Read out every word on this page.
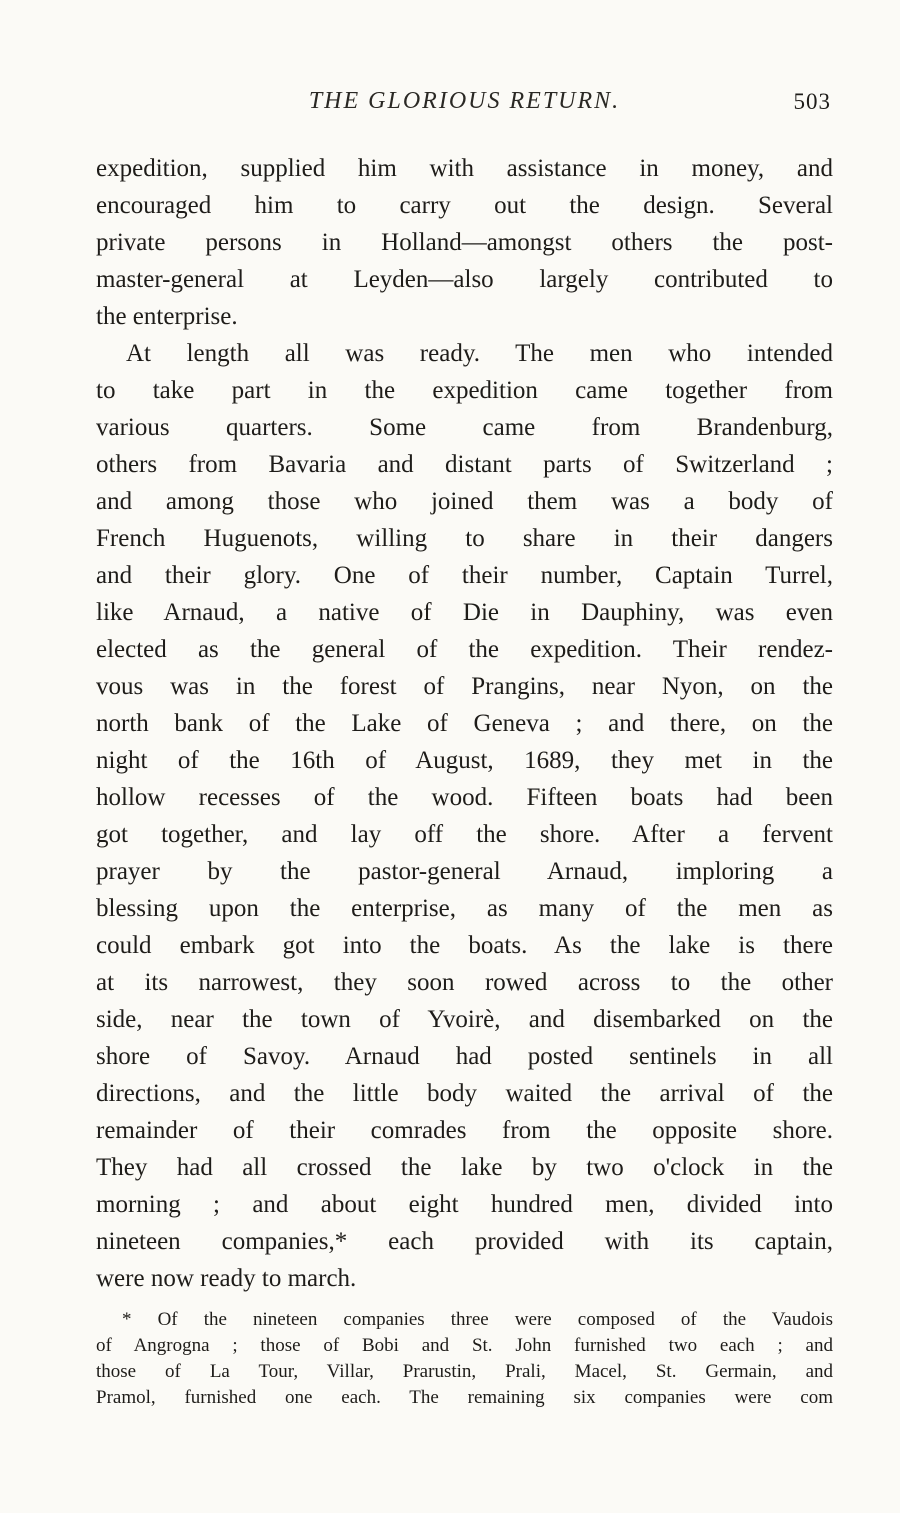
THE GLORIOUS RETURN.	503
expedition, supplied him with assistance in money, and
encouraged him to carry out the design. Several
private persons in Holland—amongst others the post-
master-general at Leyden—also largely contributed to
the enterprise.
At length all was ready. The men who intended
to take part in the expedition came together from
various quarters. Some came from Brandenburg,
others from Bavaria and distant parts of Switzerland ;
and among those who joined them was a body of
French Huguenots, willing to share in their dangers
and their glory. One of their number, Captain Turrel,
like Arnaud, a native of Die in Dauphiny, was even
elected as the general of the expedition. Their rendez-
vous was in the forest of Prangins, near Nyon, on the
north bank of the Lake of Geneva ; and there, on the
night of the 16th of August, 1689, they met in the
hollow recesses of the wood. Fifteen boats had been
got together, and lay off the shore. After a fervent
prayer by the pastor-general Arnaud, imploring a
blessing upon the enterprise, as many of the men as
could embark got into the boats. As the lake is there
at its narrowest, they soon rowed across to the other
side, near the town of Yvoirè, and disembarked on the
shore of Savoy. Arnaud had posted sentinels in all
directions, and the little body waited the arrival of the
remainder of their comrades from the opposite shore.
They had all crossed the lake by two o'clock in the
morning ; and about eight hundred men, divided into
nineteen companies,* each provided with its captain,
were now ready to march.
* Of the nineteen companies three were composed of the Vaudois
of Angrogna ; those of Bobi and St. John furnished two each ; and
those of La Tour, Villar, Prarustin, Prali, Macel, St. Germain, and
Pramol, furnished one each. The remaining six companies were com
